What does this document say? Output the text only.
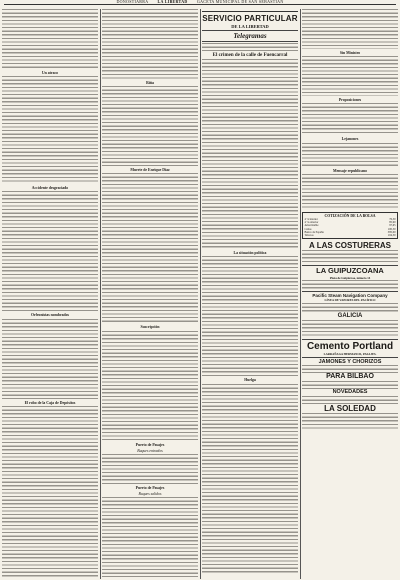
DONOSTIARRA LA LIBERTAD GACETA MUNICIPAL DE SAN SEBASTIÁN
Un atraco
Accidente desgraciado
Orfeonistas nombrados
El robo de la Caja de Depósitos
Riña
Muerte de Enrique Díaz
Suscripción
Puerto de Pasajes
Buques entrados
Puerto de Pasajes
Buques salidos
SERVICIO PARTICULAR
DE LA LIBERTAD
Telegramas
El crimen de la calle de Fuencarral
La situación política
Huelga
Sin Ministro
Proposiciones
Lejanones
Mensaje republicano
COTIZACIÓN DE LA BOLSA
4 % interior	76,30
4 % exterior	85,90
Amortizable	97,65
Cubas	100,50
Banco de España	385,00
Tabacos	104,50
A LAS COSTURERAS
LA GUIPUZCOANA
Plaza de Guipúzcoa, número 14
Pacific Steam Navigation Company
LÍNEA DE VAPORES DEL PACÍFICO
GALICIA
Cemento Portland
LARRAÑAGA HERMANOS, PASAJES.
JAMONES Y CHORIZOS
PARA BILBAO
NOVEDADES
LA SOLEDAD
